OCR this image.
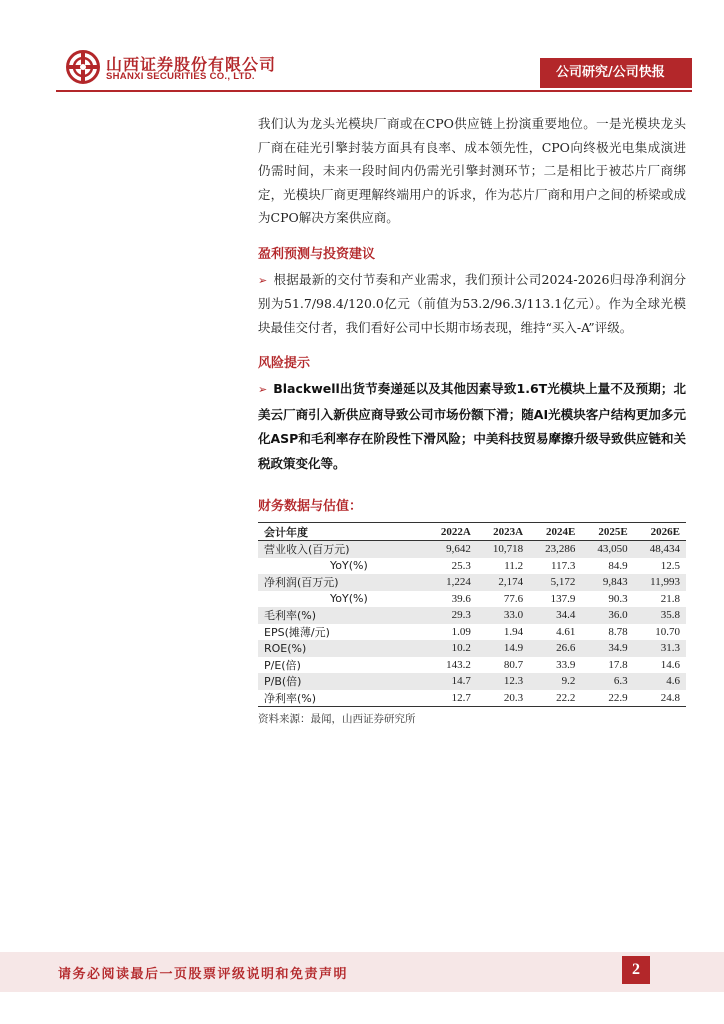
山西证券股份有限公司
SHANXI SECURITIES CO., LTD.	公司研究/公司快报

我们认为龙头光模块厂商或在CPO供应链上扮演重要地位。一是光模块龙头厂商在硅光引擎封装方面具有良率、成本领先性，CPO向终极光电集成演进仍需时间，未来一段时间内仍需光引擎封测环节；二是相比于被芯片厂商绑定，光模块厂商更理解终端用户的诉求，作为芯片厂商和用户之间的桥梁或成为CPO解决方案供应商。

盈利预测与投资建议

➢ 根据最新的交付节奏和产业需求，我们预计公司2024-2026归母净利润分别为51.7/98.4/120.0亿元（前值为53.2/96.3/113.1亿元）。作为全球光模块最佳交付者，我们看好公司中长期市场表现，维持“买入-A”评级。

风险提示

➢ Blackwell出货节奏递延以及其他因素导致1.6T光模块上量不及预期；北美云厂商引入新供应商导致公司市场份额下滑；随AI光模块客户结构更加多元化ASP和毛利率存在阶段性下滑风险；中美科技贸易摩擦升级导致供应链和关税政策变化等。

财务数据与估值：
会计年度	2022A	2023A	2024E	2025E	2026E
营业收入(百万元)	9,642	10,718	23,286	43,050	48,434
YoY(%)	25.3	11.2	117.3	84.9	12.5
净利润(百万元)	1,224	2,174	5,172	9,843	11,993
YoY(%)	39.6	77.6	137.9	90.3	21.8
毛利率(%)	29.3	33.0	34.4	36.0	35.8
EPS(摊薄/元)	1.09	1.94	4.61	8.78	10.70
ROE(%)	10.2	14.9	26.6	34.9	31.3
P/E(倍)	143.2	80.7	33.9	17.8	14.6
P/B(倍)	14.7	12.3	9.2	6.3	4.6
净利率(%)	12.7	20.3	22.2	22.9	24.8
资料来源：最闻，山西证券研究所
请务必阅读最后一页股票评级说明和免责声明	2
